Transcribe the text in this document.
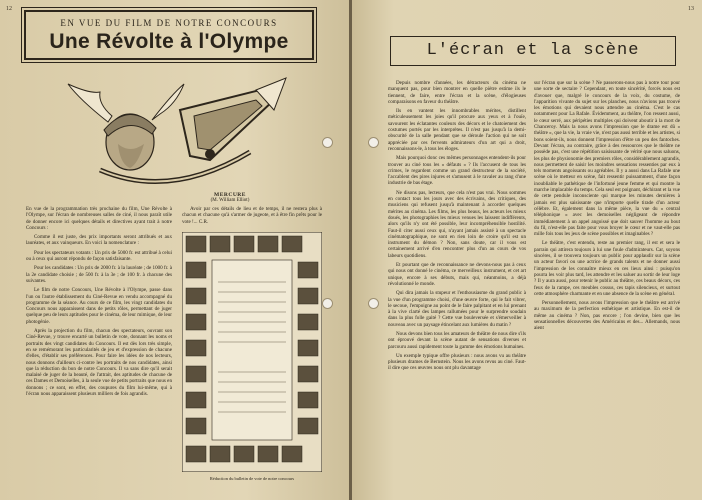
12
EN VUE DU FILM DE NOTRE CONCOURS
Une Révolte à l'Olympe
MERCURE
(M. William Elliot)

En vue de la programmation très prochaine du film, Une Révolte à l'Olympe, sur l'écran de nombreuses salles de ciné, il nous paraît utile de donner encore ici quelques détails et directives ayant trait à notre Concours :

Comme il est juste, des prix importants seront attribués et aux lauréates, et aux vainqueurs. En voici la nomenclature :

Pour les spectateurs votants : Un prix de 5000 fr. est attribué à celui ou à ceux qui auront répondu de façon satisfaisante.

Pour les candidates : Un prix de 2000 fr. à la lauréate ; de 1000 fr. à la 2e candidate choisie ; de 500 fr. à la 3e ; de 100 fr. à chacune des suivantes.

Le film de notre Concours, Une Révolte à l'Olympe, passe dans l'un ou l'autre établissement du Ciné-Revue en vendu accompagné du programme de la séance. Au cours de ce film, les vingt candidates du Concours nous apparaissent dans de petits rôles, permettant de juger quelque peu de leurs aptitudes pour le cinéma, de leur mimique, de leur photogénie.

Après la projection du film, chacun des spectateurs, ouvrant son Ciné-Revue, y trouve encarté un bulletin de vote, donnant les noms et portraits des vingt candidates du Concours. Il est dès lors très simple, en se remémorant les particularités de jeu et d'expression de chacune d'elles, d'établir ses préférences. Pour faire les idées de nos lecteurs, nous donnons d'ailleurs ci-contre les portraits de nos candidates, ainsi que la réduction du bon de notre Concours. Il va sans dire qu'il serait malaisé de juger de la beauté, de l'attrait, des aptitudes de chacune de ces Dames et Demoiselles, à la seule vue de petits portraits que nous en donnons ; ce sont, en effet, des coupures du film lui-même, qui à l'écran nous apparaissent plusieurs milliers de fois agrandis.

Avoir par ces détails de lieu et de temps, il ne restera plus à chacun et chacune qu'à s'armer de jugeote, et à être fin prêts pour le vote !... C.R.

Réduction du bulletin de vote de notre concours
13
L'écran et la scène

Depuis nombre d'années, les détracteurs du cinéma ne manquent pas, pour bien montrer en quelle piètre estime ils le tiennent, de faire, entre l'écran et la scène, d'élogieuses comparaisons en faveur du théâtre.

Ils en vantent les innombrables mérites, distillent méticuleusement les joies qu'il procure aux yeux et à l'ouïe, savourent les éclatantes couleurs des décors et le chatoiement des costumes portés par les interprètes. Il n'est pas jusqu'à la demi-obscurité de la salle pendant que se déroule l'action qui ne soit appréciée par ces fervents admirateurs d'un art qui a droit, reconnaissons-le, à tous les éloges.

Mais pourquoi donc ces mêmes personnages entendent-ils pour trouver au ciné tous les « défauts » ? Ils l'accusent de tous les crimes, le regardent comme un grand destructeur de la société, l'accablent des pires injures et s'amusent à le ravaler au rang d'une industrie de bas étage.

Ne disons pas, lecteurs, que cela n'est pas vrai. Nous sommes en contact tous les jours avec des écrivains, des critiques, des musiciens qui refusent jusqu'à maintenant à accorder quelques mérites au cinéma. Les films, les plus beaux, les acteurs les mieux doués, les photographies les mieux venues les laissent indifférents, alors qu'ils n'y ont été possible, leur incompréhensible hostilité. Faut-il citer aussi ceux qui, n'ayant jamais assisté à un spectacle cinématographique, ne sont en rien loin de croire qu'il est un instrument du démon ? Non, sans doute, car il vous est certainement arrivé d'en rencontrer plus d'un au cours de vos labeurs quotidiens.

Et pourtant que de reconnaissance ne devons-nous pas à ceux qui nous ont donné le cinéma, ce merveilleux instrument, et cet art unique, encore à ses débuts, mais qui, néanmoins, a déjà révolutionné le monde.

Qui dira jamais la stupeur et l'enthousiasme du grand public à la vue d'un programme choisi, d'une œuvre forte, qui le fait vibrer, le secoue, l'empoigne au point de le faire palpitant et en lui prenant à la vive clarté des lampes rallumées pour le surprendre soudain dans la plus folle gaité ? Cette vue bouleversée et s'émerveiller à nouveau avec un paysage étincelant aux lumières du matin ?

Nous devons bien tous les amateurs de théâtre de nous dire s'ils ont éprouvé devant la scène autant de sensations diverses et parcouru aussi rapidement toute la gamme des émotions humaines.

Un exemple typique offre plusieurs : nous avons vu au théâtre plusieurs drames de Bernstein. Nous les avons revus au ciné. Faut-il dire que ces œuvres nous ont plu davantage

sur l'écran que sur la scène ? Ne passerons-nous pas à notre tour pour une sorte de sectaire ? Cependant, en toute sincérité, forcés nous est d'avouer que, malgré le concours de la voix, du costume, de l'apparition vivante du sujet sur les planches, nous n'avions pas trouvé les émotions qui devaient nous attendre au cinéma. C'est le cas notamment pour La Rafale. Évidemment, au théâtre, l'on ressent aussi, le cœur serré, aux péripéties multiples qui doivent aboutir à la mort de Chanceroy. Mais la nous avons l'impression que le drame est dû « théâtre », que la vie, la vraie vie, n'est pas aussi terrible et les artistes, si bons soient-ils, nous donnent l'impression d'être un peu des fantoches. Devant l'écran, au contraire, grâce à des ressources que le théâtre ne possède pas, c'est une répétition saisissante de vérité que nous saluons, les plus de physionomie des premiers rôles, considérablement agrandis, nous permettent de saisir les moindres sensations ressenties par eux à tels moments angoissants ou agréables. Il y a aussi dans La Rafale une scène où le metteur en scène, fait ressentir puissamment, d'une façon inoubliable le pathétique de l'infortuné jeune femme et qui montre la marche implacable du temps. Cela seul est poignant, déchirant et la vue de cette pendule inconsciente qui marque les minutes dernières à jamais est plus saisissante que n'importe quelle tirade d'un acteur célèbre. Et, également dans la même pièce, la vue du « central téléphonique » avec les demoiselles négligeant de répondre immédiatement à un appel angoissé que doit sauver l'homme au bout du fil, n'est-elle pas faite pour vous broyer le cœur et ne vaut-elle pas mille fois tous les jeux de scène possibles et imaginables ?

Le théâtre, c'est entendu, reste au premier rang, il est et sera le parrain qui attirera toujours à lui une foule d'admirateurs. Car, soyons sincères, il se trouvera toujours un public pour applaudir sur la scène un acteur favori ou une actrice de grands talents et ne donner aussi l'impression de les connaître mieux en ces lieux ainsi : puisqu'on pourra les voir plus tard, les attendre et les saluer au sortir de leur loge ? Il y aura aussi, pour retenir le public au théâtre, ces beaux décors, ces feux de la rampe, ces meubles cossus, ces tapis silencieux, et surtout cette atmosphère charmante et en une absence de la scène en général.

Personnellement, nous avons l'impression que le théâtre est arrivé au maximum de la perfection esthétique et artistique. En est-il de même au cinéma ? Non, pas encore ; l'on devine, bien que les sensationnelles découvertes des Américains et des... Allemands, nous aient
